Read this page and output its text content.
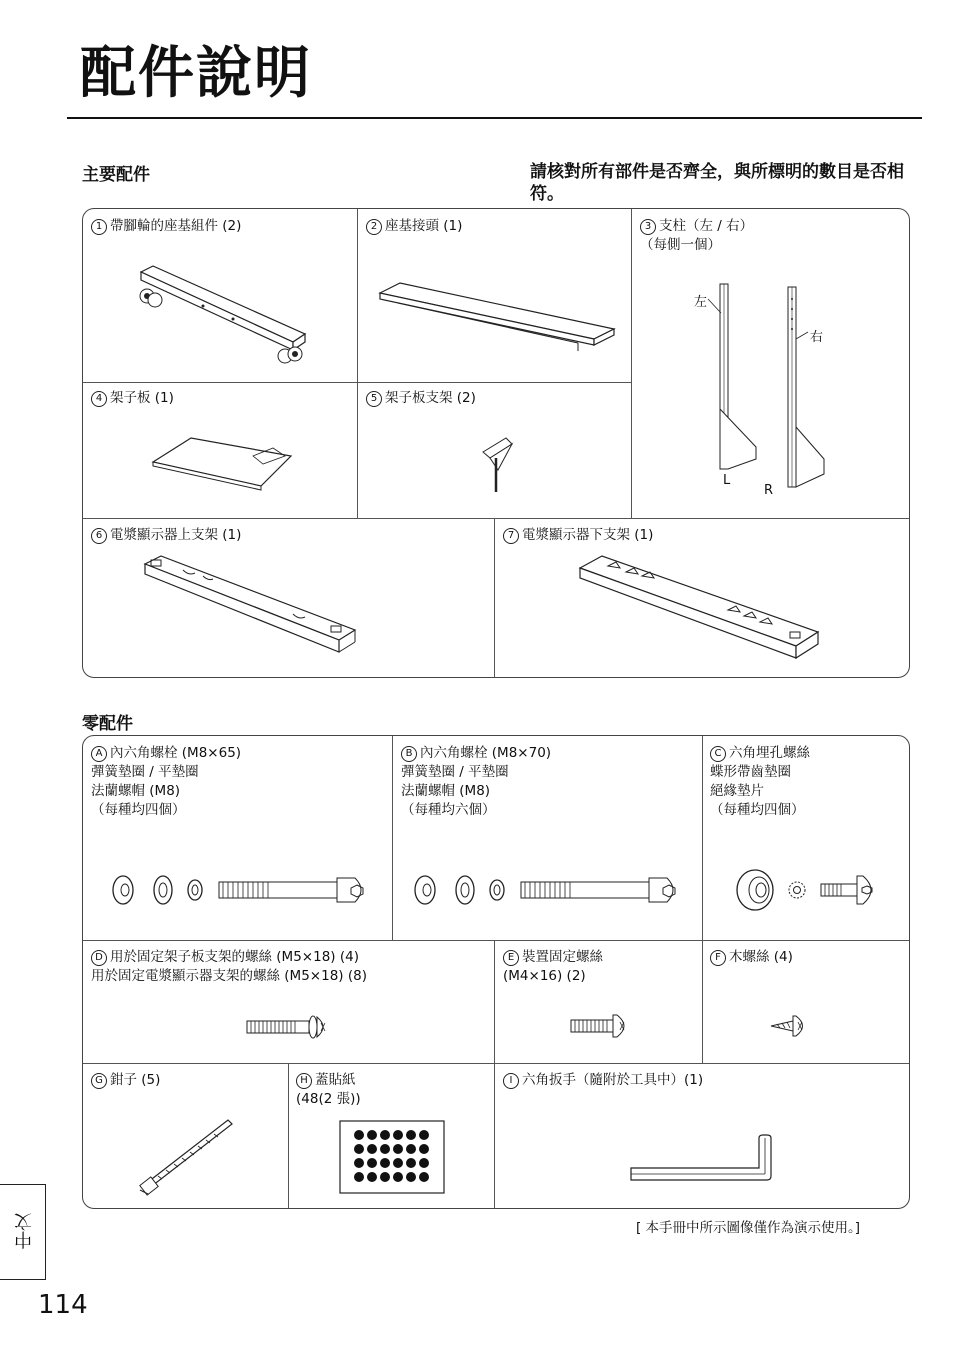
配件說明
主要配件	請核對所有部件是否齊全，與所標明的數目是否相符。
1 帶腳輪的座基組件 (2)	2 座基接頭 (1)	3 支柱（左 / 右）
（每側一個）
4 架子板 (1)	5 架子板支架 (2)
6 電漿顯示器上支架 (1)	7 電漿顯示器下支架 (1)
左
右
L
R
零配件
A 內六角螺栓 (M8×65)
彈簧墊圈 / 平墊圈
法蘭螺帽 (M8)
（每種均四個）
B 內六角螺栓 (M8×70)
彈簧墊圈 / 平墊圈
法蘭螺帽 (M8)
（每種均六個）
C 六角埋孔螺絲
蝶形帶齒墊圈
絕緣墊片
（每種均四個）
D 用於固定架子板支架的螺絲 (M5×18) (4)
用於固定電漿顯示器支架的螺絲 (M5×18) (8)
E 裝置固定螺絲
(M4×16) (2)
F 木螺絲 (4)
G 鉗子 (5)	H 蓋貼紙
(48(2 張))
I 六角扳手（隨附於工具中）(1)
[ 本手冊中所示圖像僅作為演示使用。]
中文
114
